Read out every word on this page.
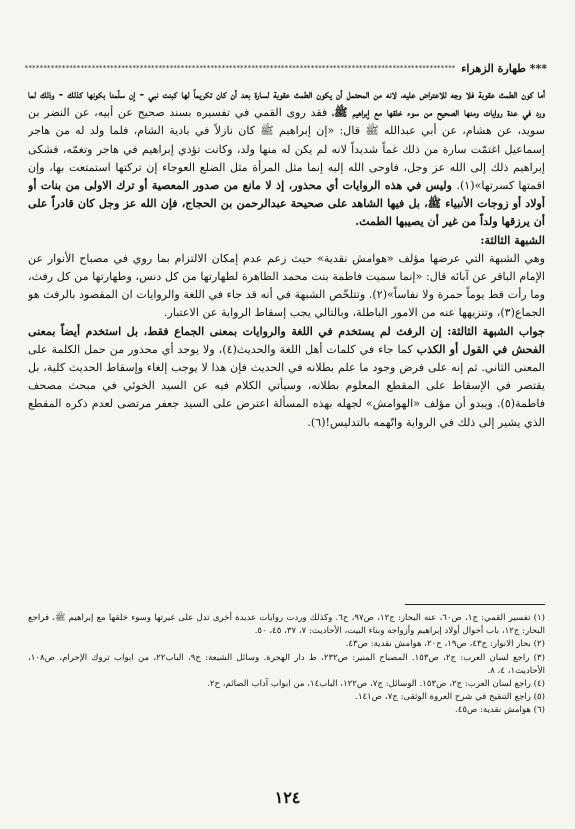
*** طهارة الزهراء
*****

أما كون الطمث عقوبة فلا وجه للاعتراض عليه، لانه من المحتمل أن يكون الطمث عقوبة لسارة بعد أن كان تكريماً لها كبنت نبي - إن سلّمنا بكونها كذلك - وذلك لما ورد في عدة روايات ومنها الصحيح من سوء خلقها مع إبراهيم ﷺ، فقد روى القمي في تفسيره بسند صحيح عن أبيه، عن النضر بن سويد، عن هشام، عن أبي عبدالله ﷺ قال: «إن إبراهيم ﷺ كان نازلاً في بادية الشام، فلما ولد له من هاجر إسماعيل اغتمّت سارة من ذلك غماً شديداً لانه لم يكن له منها ولد، وكانت تؤذي إبراهيم في هاجر وتغمّه، فشكى إبراهيم ذلك إلى الله عز وجل، فاوحى الله إليه إنما مثل المرأة مثل الضلع العوجاء إن تركتها استمتعت بها، وإن اقمتها كسرتها»(١). وليس في هذه الروايات أي محذور، إذ لا مانع من صدور المعصية أو ترك الاولى من بنات أو أولاد أو زوجات الأنبياء ﷺ، بل فيها الشاهد على صحيحة عبدالرحمن بن الحجاج، فإن الله عز وجل كان قادراً على أن يرزقها ولداً من غير أن يصيبها الطمث.

الشبهة الثالثة:

وهي الشبهة التي عرضها مؤلف «هوامش نقدية» حيث زعم عدم إمكان الالتزام بما روي في مصباح الأنوار عن الإمام الباقر عن آبائه قال: «إنما سميت فاطمة بنت محمد الطاهرة لطهارتها من كل دنس، وطهارتها من كل رفث، وما رأت قط يوماً حمرة ولا نفاساً»(٢). وتتلخّص الشبهة في أنه قد جاء في اللغة والروايات ان المقصود بالرفث هو الجماع(٣)، وتنزيهها عنه من الامور الباطلة، وبالتالي يجب إسقاط الرواية عن الاعتبار.

جواب الشبهة الثالثة: إن الرفث لم يستخدم في اللغة والروايات بمعنى الجماع فقط، بل استخدم أيضاً بمعنى الفحش في القول أو الكذب كما جاء في كلمات أهل اللغة والحديث(٤)، ولا يوجد أي محذور من حمل الكلمة على المعنى الثاني. ثم إنه على فرض وجود ما علم بطلانه في الحديث فإن هذا لا يوجب إلغاء وإسقاط الحديث كلية، بل يقتصر في الإسقاط على المقطع المعلوم بطلانه، وسيأتي الكلام فيه عن السيد الخوئي في مبحث مصحف فاطمة(٥). ويبدو أن مؤلف «الهوامش» لجهله بهذه المسألة اعترض على السيد جعفر مرتضى لعدم ذكره المقطع الذي يشير إلى ذلك في الرواية واتّهمه بالتدليس!(٦).

(١) تفسير القمي: ج١، ص٦٠، عنه البحار: ج١٢، ص٩٧، ح٦. وكذلك وردت روايات عديدة أخرى تدل على غيرتها وسوء خلقها مع إبراهيم ﷺ، فراجع البحار: ج١٢، باب أحوال أولاد إبراهيم وأزواجه وبناء البيت، الأحاديث: ٧، ٣٧، ٤٥، ٥٠.
(٢) بحار الانوار: ج٤٣، ص١٩، ح٢٠، هوامش نقدية: ص٤٣.
(٣) راجع لسان العرب: ج٢، ص١٥٣. المصباح المنير: ص٢٣٢، ط دار الهجرة. وسائل الشيعة: ج٩، الباب٢٢، من ابواب تروك الإحرام، ص١٠٨، الأحاديث١، ٤، ٨.
(٤) راجع لسان العرب: ج٢، ص١٥٣. الوسائل: ج٧، ص١٢٢، الباب١٤، من ابواب آداب الصائم، ح٢.
(٥) راجع التنقيح في شرح العروة الوثقى: ج٧، ص١٤١.
(٦) هوامش نقدية: ص٤٥.
١٢٤
